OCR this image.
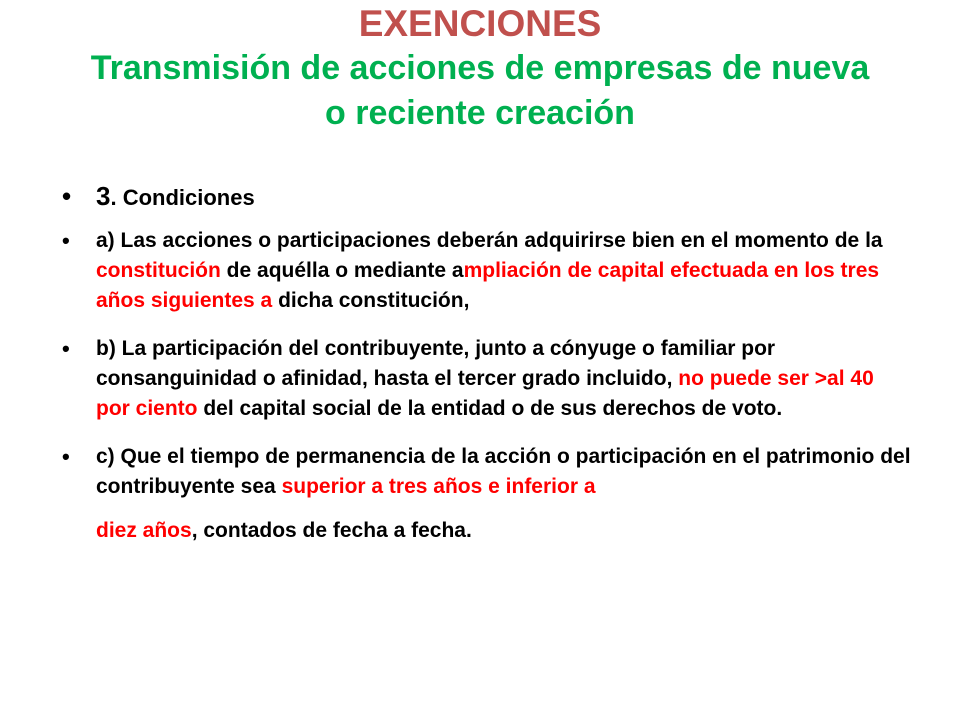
EXENCIONES
Transmisión de acciones de empresas de nueva
o reciente creación
• 3. Condiciones
• a) Las acciones o participaciones deberán adquirirse bien en el momento de la constitución de aquélla o mediante ampliación de capital efectuada en los tres años siguientes a dicha constitución,
• b) La participación del contribuyente, junto a cónyuge o familiar por consanguinidad o afinidad, hasta el tercer grado incluido, no puede ser >al 40 por ciento del capital social de la entidad o de sus derechos de voto.
• c) Que el tiempo de permanencia de la acción o participación en el patrimonio del contribuyente sea superior a tres años e inferior a
diez años, contados de fecha a fecha.
